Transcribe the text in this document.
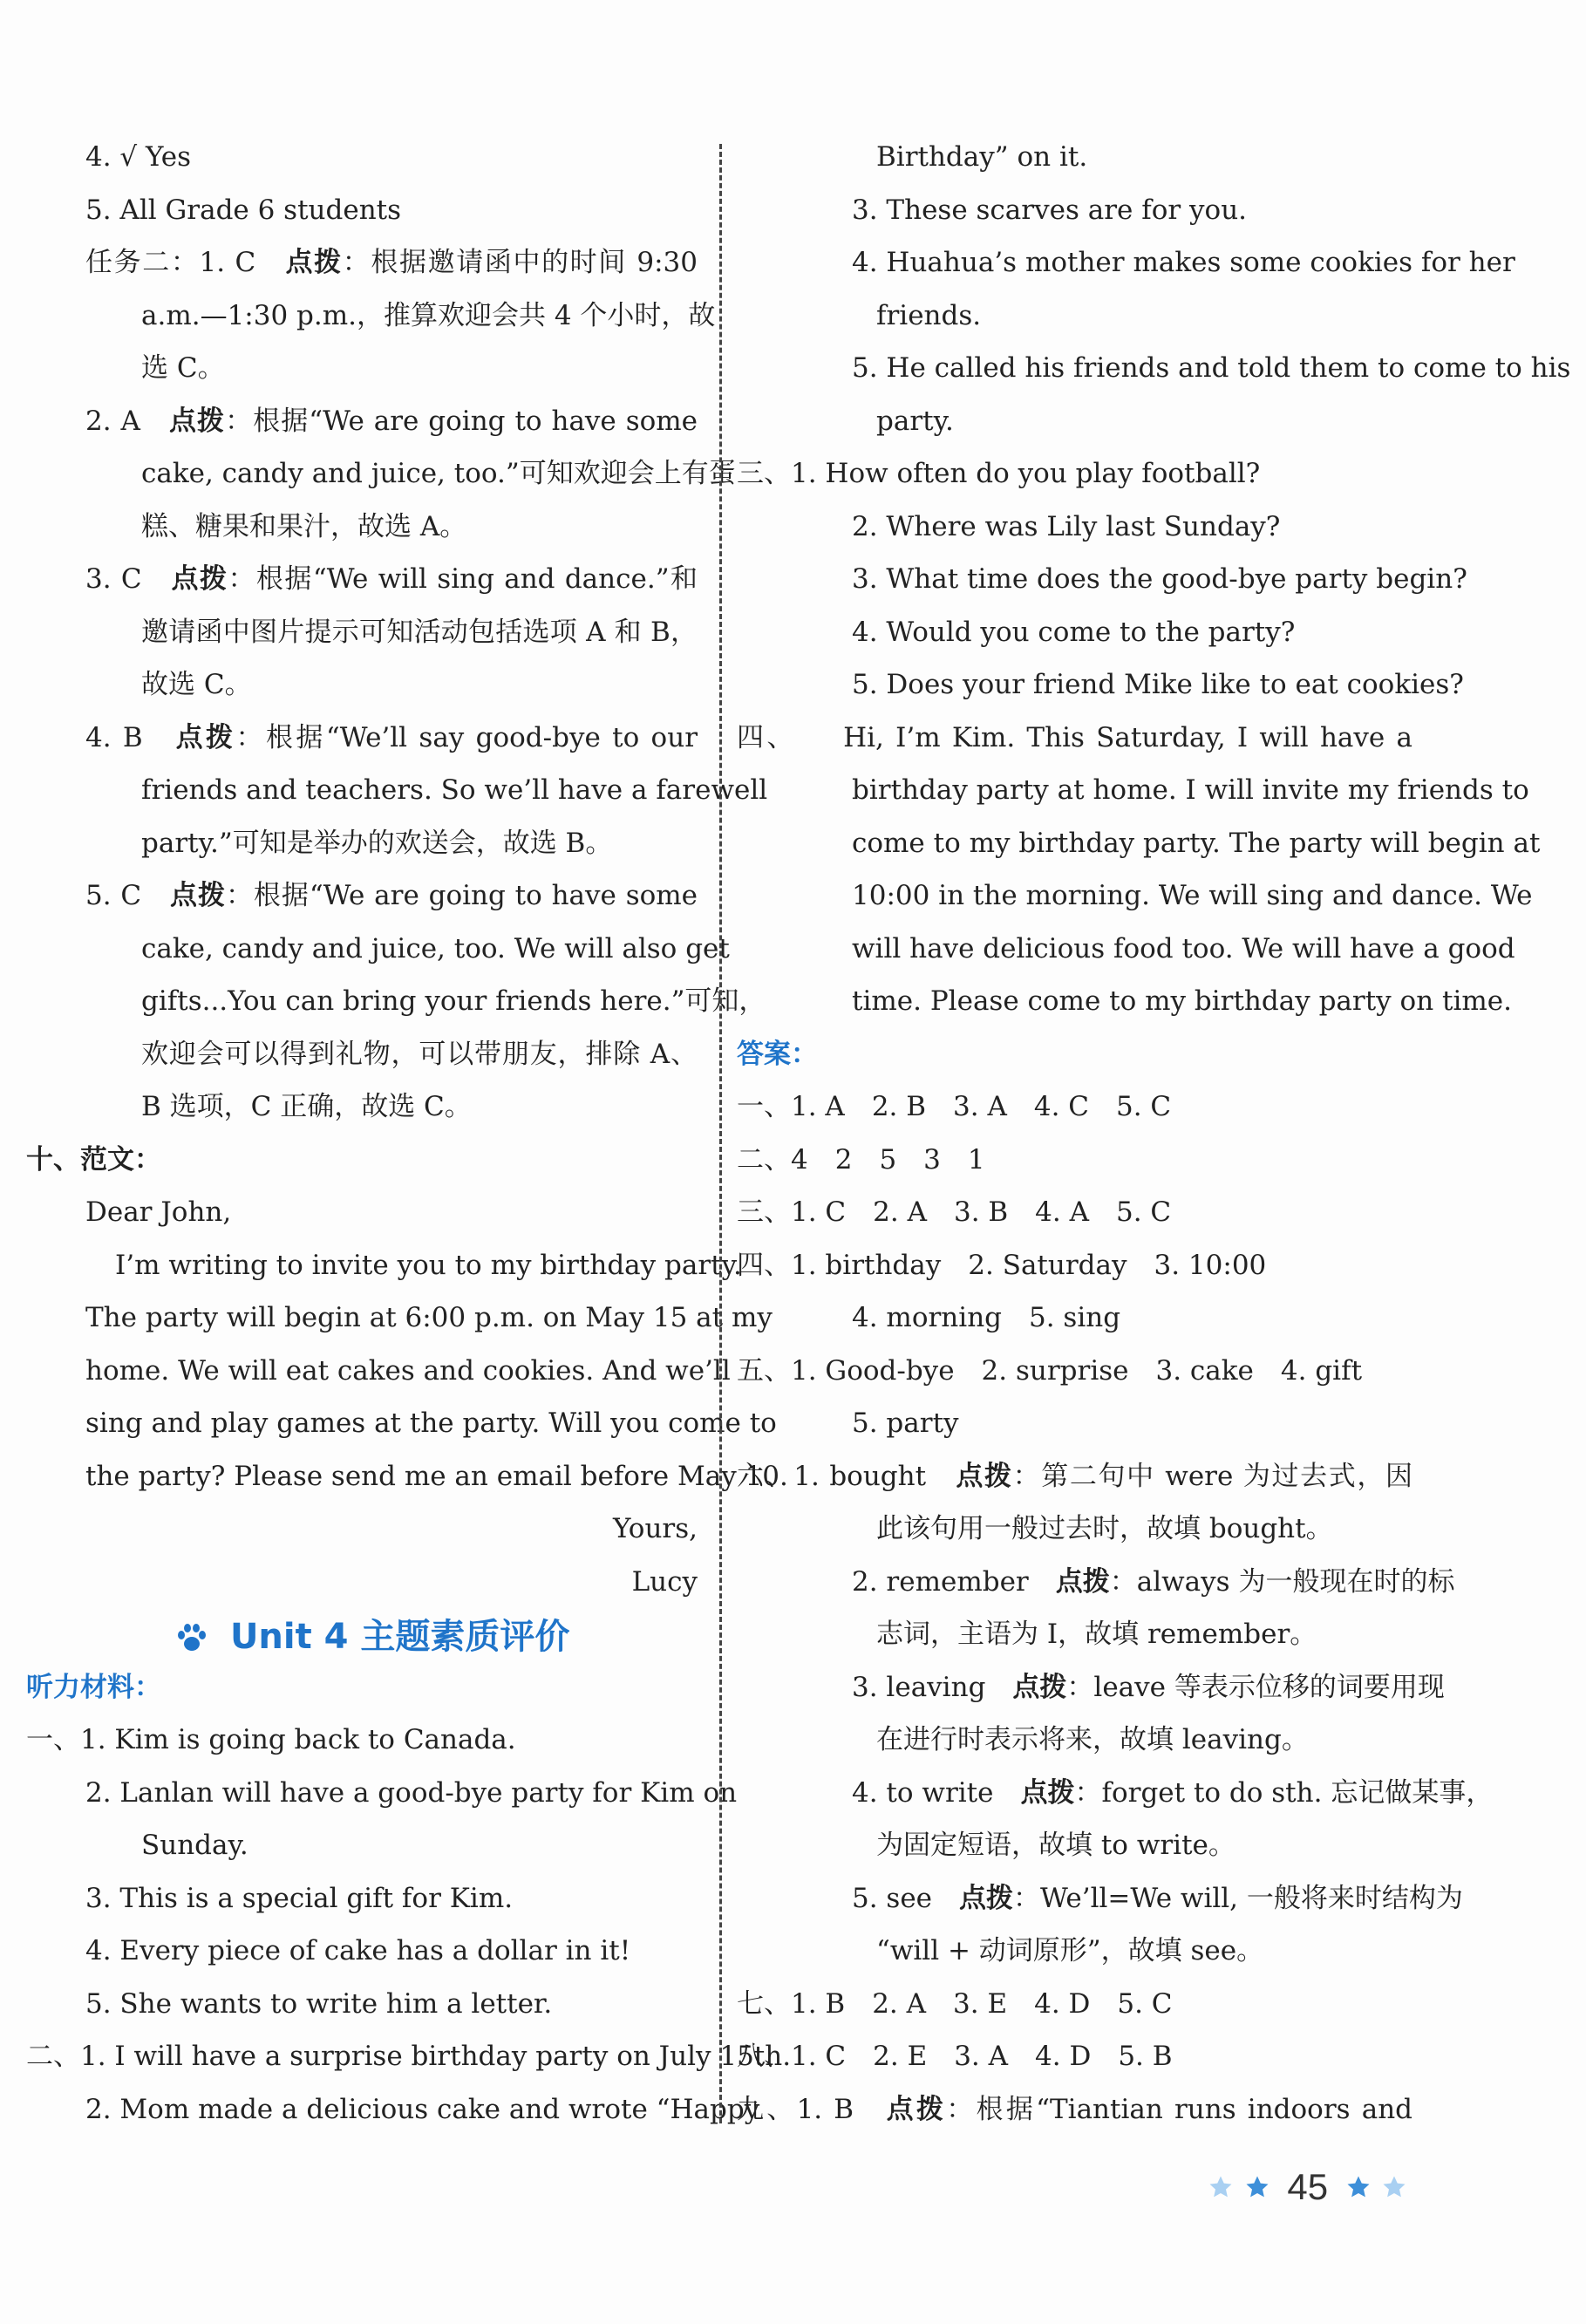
4. √ Yes
5. All Grade 6 students
任务二：1. C　点拨：根据邀请函中的时间 9:30
a.m.—1:30 p.m.，推算欢迎会共 4 个小时，故
选 C。
2. A　点拨：根据“We are going to have some
cake, candy and juice, too.”可知欢迎会上有蛋
糕、糖果和果汁，故选 A。
3. C　点拨：根据“We will sing and dance.”和
邀请函中图片提示可知活动包括选项 A 和 B，
故选 C。
4. B　点拨：根据“We’ll say good-bye to our
friends and teachers. So we’ll have a farewell
party.”可知是举办的欢送会，故选 B。
5. C　点拨：根据“We are going to have some
cake, candy and juice, too. We will also get
gifts...You can bring your friends here.”可知，
欢迎会可以得到礼物，可以带朋友，排除 A、
B 选项，C 正确，故选 C。
十、范文：
Dear John,
I’m writing to invite you to my birthday party.
The party will begin at 6:00 p.m. on May 15 at my
home. We will eat cakes and cookies. And we’ll
sing and play games at the party. Will you come to
the party? Please send me an email before May 10.
Yours,
Lucy
听力材料：
一、1. Kim is going back to Canada.
2. Lanlan will have a good-bye party for Kim on
Sunday.
3. This is a special gift for Kim.
4. Every piece of cake has a dollar in it!
5. She wants to write him a letter.
二、1. I will have a surprise birthday party on July 15th.
2. Mom made a delicious cake and wrote “Happy
Birthday” on it.
3. These scarves are for you.
4. Huahua’s mother makes some cookies for her
friends.
5. He called his friends and told them to come to his
party.
三、1. How often do you play football?
2. Where was Lily last Sunday?
3. What time does the good-bye party begin?
4. Would you come to the party?
5. Does your friend Mike like to eat cookies?
四、　　Hi, I’m Kim. This Saturday, I will have a
birthday party at home. I will invite my friends to
come to my birthday party. The party will begin at
10:00 in the morning. We will sing and dance. We
will have delicious food too. We will have a good
time. Please come to my birthday party on time.
答案：
一、1. A　2. B　3. A　4. C　5. C
二、4　2　5　3　1
三、1. C　2. A　3. B　4. A　5. C
四、1. birthday　2. Saturday　3. 10:00
4. morning　5. sing
五、1. Good-bye　2. surprise　3. cake　4. gift
5. party
六、1. bought　点拨：第二句中 were 为过去式，因
此该句用一般过去时，故填 bought。
2. remember　点拨：always 为一般现在时的标
志词，主语为 I，故填 remember。
3. leaving　点拨：leave 等表示位移的词要用现
在进行时表示将来，故填 leaving。
4. to write　点拨：forget to do sth. 忘记做某事，
为固定短语，故填 to write。
5. see　点拨：We’ll=We will, 一般将来时结构为
“will + 动词原形”，故填 see。
七、1. B　2. A　3. E　4. D　5. C
八、1. C　2. E　3. A　4. D　5. B
九、1. B　点拨：根据“Tiantian runs indoors and
Unit 4 主题素质评价
45
